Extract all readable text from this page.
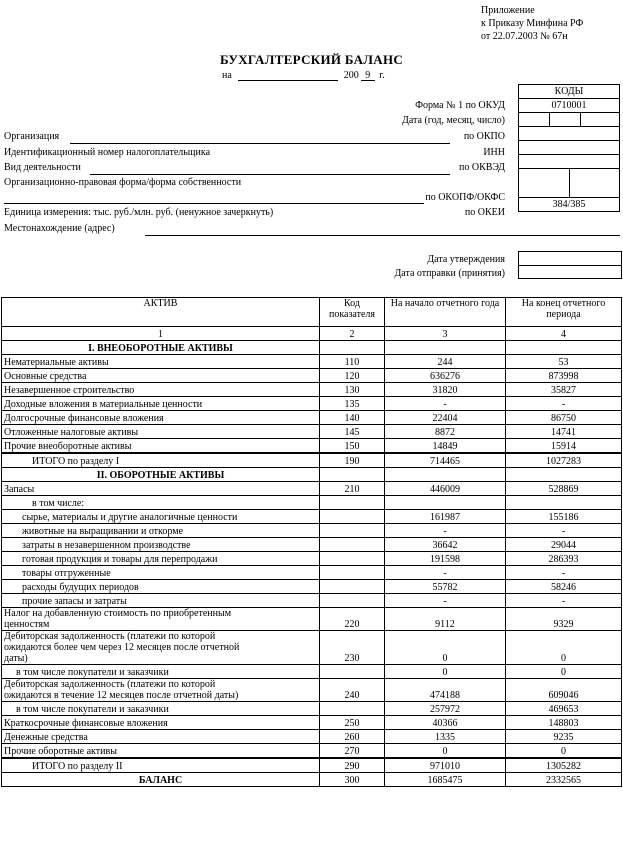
Приложение
к Приказу Минфина РФ
от 22.07.2003 № 67н
БУХГАЛТЕРСКИЙ БАЛАНС
на	200 9 г.
КОДЫ
0710001

384/385
Форма № 1 по ОКУД
Дата (год, месяц, число)
Организация	по ОКПО
Идентификационный номер налогоплательщика	ИНН
Вид деятельности	по ОКВЭД
Организационно-правовая форма/форма собственности
по ОКОПФ/ОКФС
Единица измерения: тыс. руб./млн. руб. (ненужное зачеркнуть)	по ОКЕИ
Местонахождение (адрес)
Дата утверждения
Дата отправки (принятия)
АКТИВ	Код показателя	На начало отчетного года	На конец отчетного периода
1	2	3	4
I. ВНЕОБОРОТНЫЕ АКТИВЫ			
Нематериальные активы	110	244	53
Основные средства	120	636276	873998
Незавершенное строительство	130	31820	35827
Доходные вложения в материальные ценности	135	-	-
Долгосрочные финансовые вложения	140	22404	86750
Отложенные налоговые активы	145	8872	14741
Прочие внеоборотные активы	150	14849	15914
ИТОГО по разделу I	190	714465	1027283
II. ОБОРОТНЫЕ АКТИВЫ			
Запасы	210	446009	528869
в том числе:			
сырье, материалы и другие аналогичные ценности		161987	155186
животные на выращивании и откорме		-	-
затраты в незавершенном производстве		36642	29044
готовая продукция и товары для перепродажи		191598	286393
товары отгруженные		-	-
расходы будущих периодов		55782	58246
прочие запасы и затраты		-	-

Налог на добавленную стоимость по приобретенным
ценностям	220	9112	9329

Дебиторская задолженность (платежи по которой
ожидаются более чем через 12 месяцев после отчетной
даты)	230	0	0
в том числе покупатели и заказчики		0	0

Дебиторская задолженность (платежи по которой
ожидаются в течение 12 месяцев после отчетной даты)	240	474188	609046
в том числе покупатели и заказчики		257972	469653
Краткосрочные финансовые вложения	250	40366	148803
Денежные средства	260	1335	9235
Прочие оборотные активы	270	0	0
ИТОГО по разделу II	290	971010	1305282
БАЛАНС	300	1685475	2332565
